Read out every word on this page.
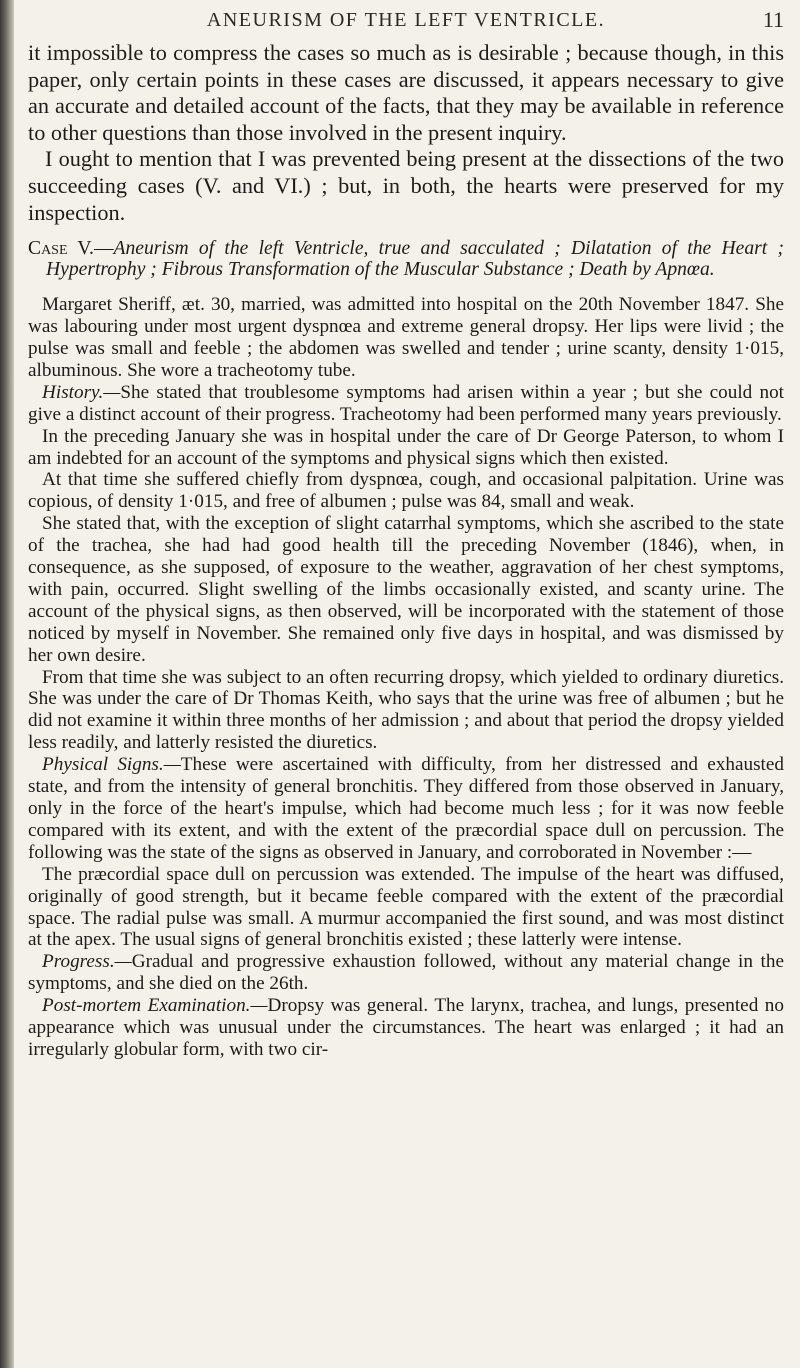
ANEURISM OF THE LEFT VENTRICLE.	11

it impossible to compress the cases so much as is desirable ; because though, in this paper, only certain points in these cases are discussed, it appears necessary to give an accurate and detailed account of the facts, that they may be available in reference to other questions than those involved in the present inquiry.

I ought to mention that I was prevented being present at the dissections of the two succeeding cases (V. and VI.) ; but, in both, the hearts were preserved for my inspection.

Case V.—Aneurism of the left Ventricle, true and sacculated ; Dilatation of the Heart ; Hypertrophy ; Fibrous Transformation of the Muscular Substance ; Death by Apnœa.

Margaret Sheriff, æt. 30, married, was admitted into hospital on the 20th November 1847. She was labouring under most urgent dyspnœa and extreme general dropsy. Her lips were livid ; the pulse was small and feeble ; the abdomen was swelled and tender ; urine scanty, density 1·015, albuminous. She wore a tracheotomy tube.

History.—She stated that troublesome symptoms had arisen within a year ; but she could not give a distinct account of their progress. Tracheotomy had been performed many years previously.

In the preceding January she was in hospital under the care of Dr George Paterson, to whom I am indebted for an account of the symptoms and physical signs which then existed.

At that time she suffered chiefly from dyspnœa, cough, and occasional palpitation. Urine was copious, of density 1·015, and free of albumen ; pulse was 84, small and weak.

She stated that, with the exception of slight catarrhal symptoms, which she ascribed to the state of the trachea, she had had good health till the preceding November (1846), when, in consequence, as she supposed, of exposure to the weather, aggravation of her chest symptoms, with pain, occurred. Slight swelling of the limbs occasionally existed, and scanty urine. The account of the physical signs, as then observed, will be incorporated with the statement of those noticed by myself in November. She remained only five days in hospital, and was dismissed by her own desire.

From that time she was subject to an often recurring dropsy, which yielded to ordinary diuretics. She was under the care of Dr Thomas Keith, who says that the urine was free of albumen ; but he did not examine it within three months of her admission ; and about that period the dropsy yielded less readily, and latterly resisted the diuretics.

Physical Signs.—These were ascertained with difficulty, from her distressed and exhausted state, and from the intensity of general bronchitis. They differed from those observed in January, only in the force of the heart's impulse, which had become much less ; for it was now feeble compared with its extent, and with the extent of the præcordial space dull on percussion. The following was the state of the signs as observed in January, and corroborated in November :—

The præcordial space dull on percussion was extended. The impulse of the heart was diffused, originally of good strength, but it became feeble compared with the extent of the præcordial space. The radial pulse was small. A murmur accompanied the first sound, and was most distinct at the apex. The usual signs of general bronchitis existed ; these latterly were intense.

Progress.—Gradual and progressive exhaustion followed, without any material change in the symptoms, and she died on the 26th.

Post-mortem Examination.—Dropsy was general. The larynx, trachea, and lungs, presented no appearance which was unusual under the circumstances. The heart was enlarged ; it had an irregularly globular form, with two cir-
